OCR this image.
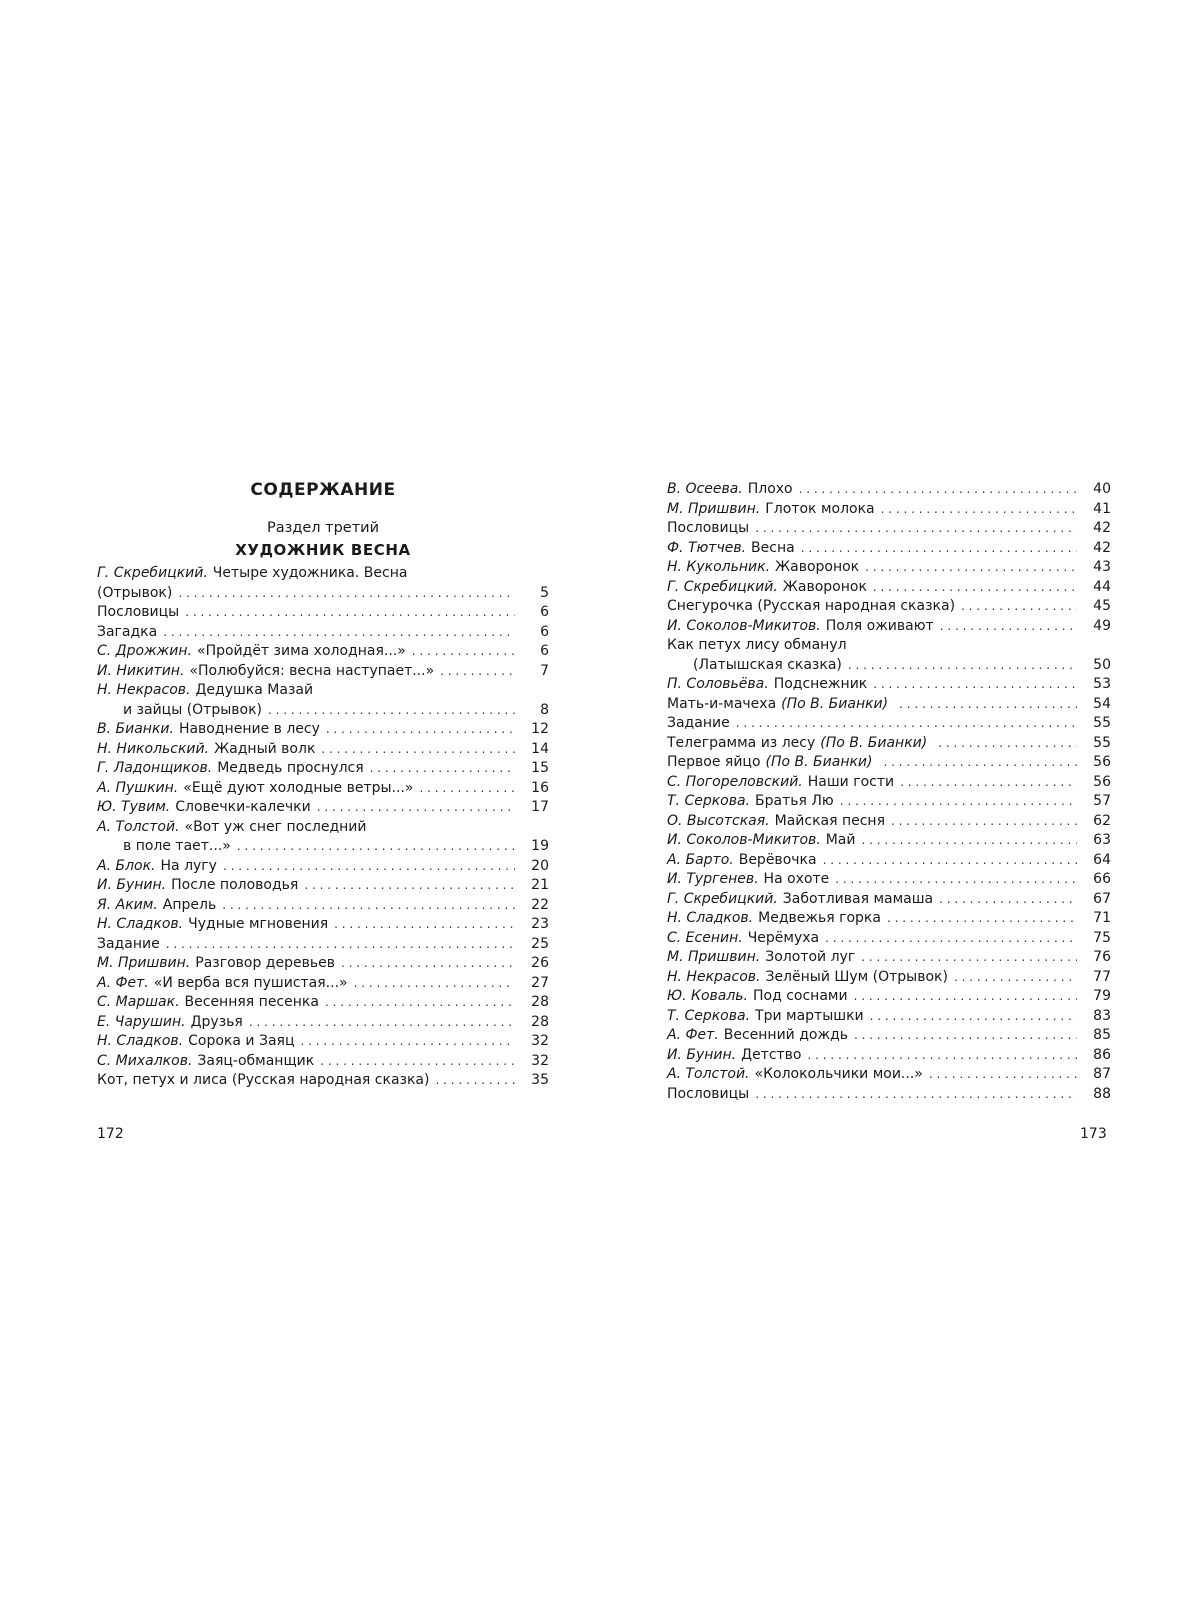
СОДЕРЖАНИЕ
Раздел третий
ХУДОЖНИК ВЕСНА
Г. Скребицкий. Четыре художника. Весна
(Отрывок) . . .	5
Пословицы . . .	6
Загадка . . .	6
С. Дрожжин. «Пройдёт зима холодная...» . . .	6
И. Никитин. «Полюбуйся: весна наступает...» . . .	7
Н. Некрасов. Дедушка Мазай
и зайцы (Отрывок) . . .	8
В. Бианки. Наводнение в лесу . . .	12
Н. Никольский. Жадный волк . . .	14
Г. Ладонщиков. Медведь проснулся . . .	15
А. Пушкин. «Ещё дуют холодные ветры...» . . .	16
Ю. Тувим. Словечки-калечки . . .	17
А. Толстой. «Вот уж снег последний
в поле тает...» . . .	19
А. Блок. На лугу . . .	20
И. Бунин. После половодья . . .	21
Я. Аким. Апрель . . .	22
Н. Сладков. Чудные мгновения . . .	23
Задание . . .	25
М. Пришвин. Разговор деревьев . . .	26
А. Фет. «И верба вся пушистая...» . . .	27
С. Маршак. Весенняя песенка . . .	28
Е. Чарушин. Друзья . . .	28
Н. Сладков. Сорока и Заяц . . .	32
С. Михалков. Заяц-обманщик . . .	32
Кот, петух и лиса (Русская народная сказка) . . .	35
В. Осеева. Плохо . . .	40
М. Пришвин. Глоток молока . . .	41
Пословицы . . .	42
Ф. Тютчев. Весна . . .	42
Н. Кукольник. Жаворонок . . .	43
Г. Скребицкий. Жаворонок . . .	44
Снегурочка (Русская народная сказка) . . .	45
И. Соколов-Микитов. Поля оживают . . .	49
Как петух лису обманул
(Латышская сказка) . . .	50
П. Соловьёва. Подснежник . . .	53
Мать-и-мачеха (По В. Бианки) . . .	54
Задание . . .	55
Телеграмма из лесу (По В. Бианки) . . .	55
Первое яйцо (По В. Бианки) . . .	56
С. Погореловский. Наши гости . . .	56
Т. Серкова. Братья Лю . . .	57
О. Высотская. Майская песня . . .	62
И. Соколов-Микитов. Май . . .	63
А. Барто. Верёвочка . . .	64
И. Тургенев. На охоте . . .	66
Г. Скребицкий. Заботливая мамаша . . .	67
Н. Сладков. Медвежья горка . . .	71
С. Есенин. Черёмуха . . .	75
М. Пришвин. Золотой луг . . .	76
Н. Некрасов. Зелёный Шум (Отрывок) . . .	77
Ю. Коваль. Под соснами . . .	79
Т. Серкова. Три мартышки . . .	83
А. Фет. Весенний дождь . . .	85
И. Бунин. Детство . . .	86
А. Толстой. «Колокольчики мои...» . . .	87
Пословицы . . .	88
172	173
